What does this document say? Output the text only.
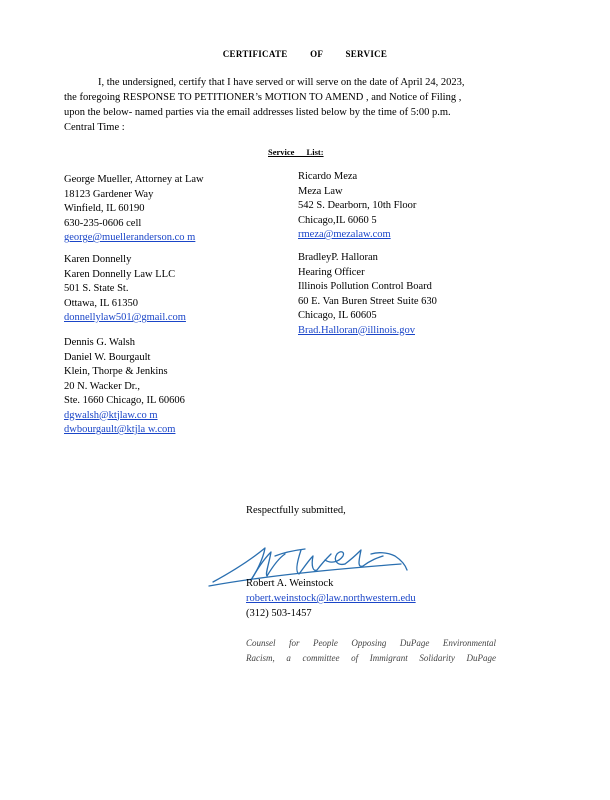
CERTIFICATE OF SERVICE
I, the undersigned, certify that I have served or will serve on the date of April 24, 2023,
the foregoing RESPONSE TO PETITIONER’s MOTION TO AMEND , and Notice of Filing ,
upon the below- named parties via the email addresses listed below by the time of 5:00 p.m.
Central Time :
Service List:
George Mueller, Attorney at Law
18123 Gardener Way
Winfield, IL 60190
630-235-0606 cell
george@muelleranderson.co m
Karen Donnelly
Karen Donnelly Law LLC
501 S. State St.
Ottawa, IL 61350
donnellylaw501@gmail.com
Dennis G. Walsh
Daniel W. Bourgault
Klein, Thorpe & Jenkins
20 N. Wacker Dr.,
Ste. 1660 Chicago, IL 60606
dgwalsh@ktjlaw.co m
dwbourgault@ktjla w.com
Ricardo Meza
Meza Law
542 S. Dearborn, 10th Floor
Chicago,IL 6060 5
rmeza@mezalaw.com
BradleyP. Halloran
Hearing Officer
Illinois Pollution Control Board
60 E. Van Buren Street Suite 630
Chicago, IL 60605
Brad.Halloran@illinois.gov
Respectfully submitted,
Robert A. Weinstock
Robert A. Weinstock
robert.weinstock@law.northwestern.edu
(312) 503-1457
Counsel for People Opposing DuPage Environmental
Racism, a committee of Immigrant Solidarity DuPage
